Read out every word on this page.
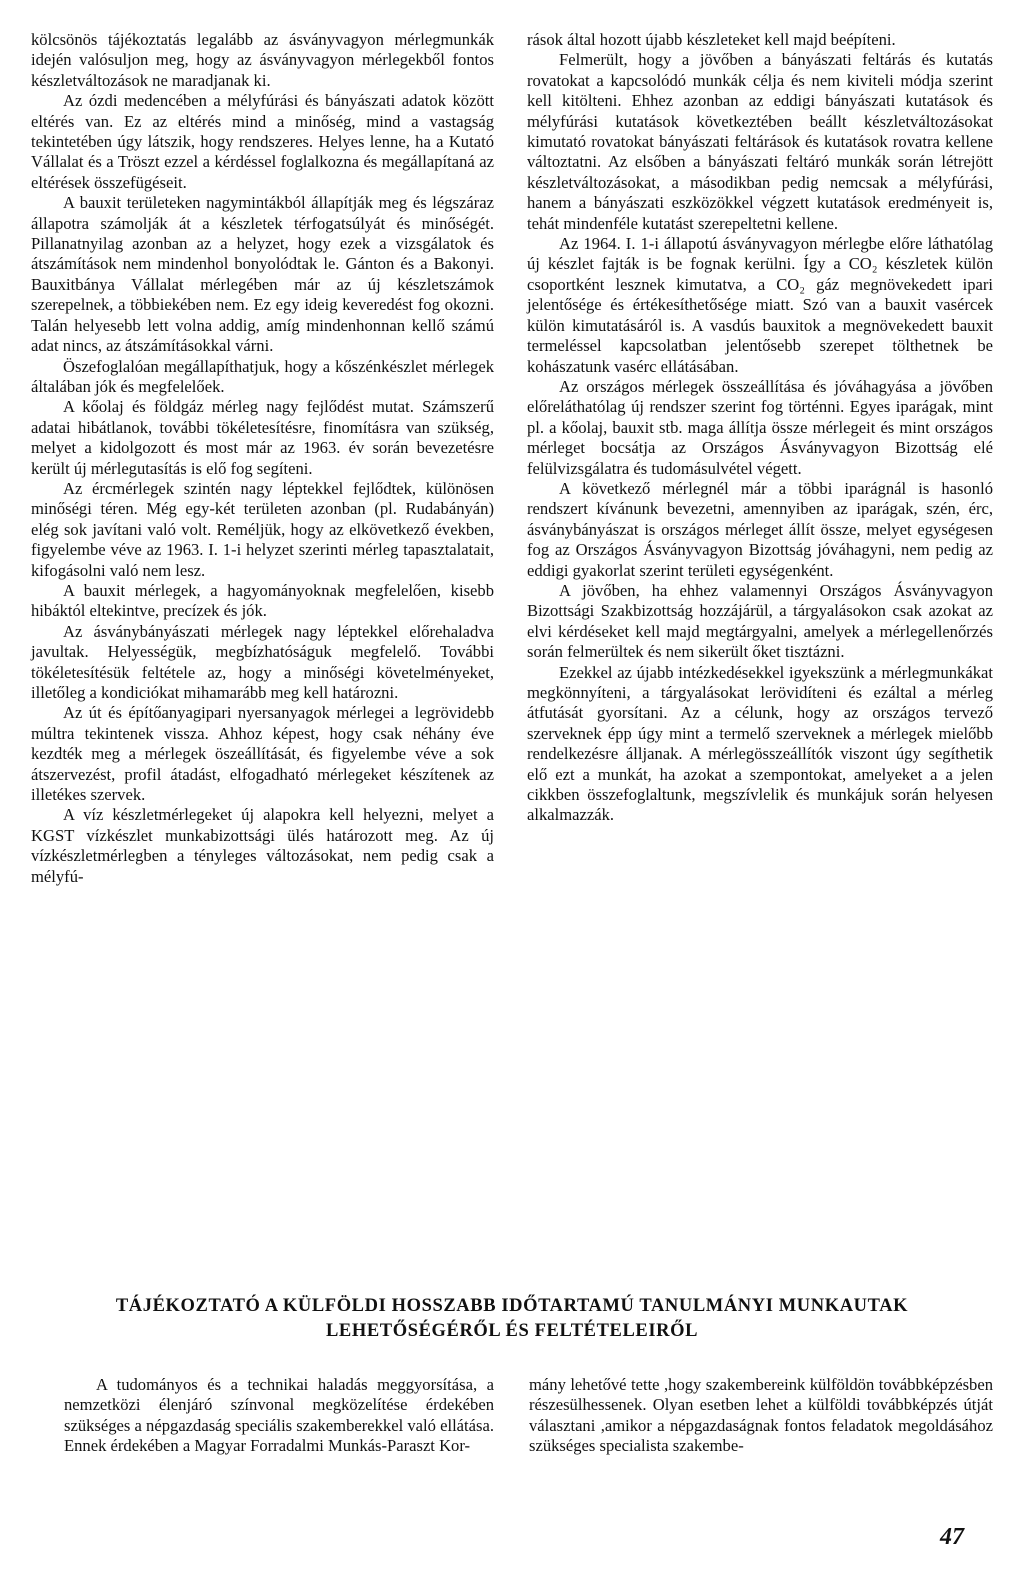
kölcsönös tájékoztatás legalább az ásványvagyon mérlegmunkák idején valósuljon meg, hogy az ásványvagyon mérlegekből fontos készletváltozások ne maradjanak ki.

Az ózdi medencében a mélyfúrási és bányászati adatok között eltérés van. Ez az eltérés mind a minőség, mind a vastagság tekintetében úgy látszik, hogy rendszeres. Helyes lenne, ha a Kutató Vállalat és a Tröszt ezzel a kérdéssel foglalkozna és megállapítaná az eltérések összefügéseit.

A bauxit területeken nagymintákból állapítják meg és légszáraz állapotra számolják át a készletek térfogatsúlyát és minőségét. Pillanatnyilag azonban az a helyzet, hogy ezek a vizsgálatok és átszámítások nem mindenhol bonyolódtak le. Gánton és a Bakonyi. Bauxitbánya Vállalat mérlegében már az új készletszámok szerepelnek, a többiekében nem. Ez egy ideig keveredést fog okozni. Talán helyesebb lett volna addig, amíg mindenhonnan kellő számú adat nincs, az átszámításokkal várni.

Öszefoglalóan megállapíthatjuk, hogy a kőszénkészlet mérlegek általában jók és megfelelőek.

A kőolaj és földgáz mérleg nagy fejlődést mutat. Számszerű adatai hibátlanok, további tökéletesítésre, finomításra van szükség, melyet a kidolgozott és most már az 1963. év során bevezetésre került új mérlegutasítás is elő fog segíteni.

Az ércmérlegek szintén nagy léptekkel fejlődtek, különösen minőségi téren. Még egy-két területen azonban (pl. Rudabányán) elég sok javítani való volt. Reméljük, hogy az elkövetkező években, figyelembe véve az 1963. I. 1-i helyzet szerinti mérleg tapasztalatait, kifogásolni való nem lesz.

A bauxit mérlegek, a hagyományoknak megfelelően, kisebb hibáktól eltekintve, precízek és jók.

Az ásványbányászati mérlegek nagy léptekkel előrehaladva javultak. Helyességük, megbízhatóságuk megfelelő. További tökéletesítésük feltétele az, hogy a minőségi követelményeket, illetőleg a kondiciókat mihamarább meg kell határozni.

Az út és építőanyagipari nyersanyagok mérlegei a legrövidebb múltra tekintenek vissza. Ahhoz képest, hogy csak néhány éve kezdték meg a mérlegek öszeállítását, és figyelembe véve a sok átszervezést, profil átadást, elfogadható mérlegeket készítenek az illetékes szervek.

A víz készletmérlegeket új alapokra kell helyezni, melyet a KGST vízkészlet munkabizottsági ülés határozott meg. Az új vízkészletmérlegben a tényleges változásokat, nem pedig csak a mélyfú-

rások által hozott újabb készleteket kell majd beépíteni.

Felmerült, hogy a jövőben a bányászati feltárás és kutatás rovatokat a kapcsolódó munkák célja és nem kiviteli módja szerint kell kitölteni. Ehhez azonban az eddigi bányászati kutatások és mélyfúrási kutatások következtében beállt készletváltozásokat kimutató rovatokat bányászati feltárások és kutatások rovatra kellene változtatni. Az elsőben a bányászati feltáró munkák során létrejött készletváltozásokat, a másodikban pedig nemcsak a mélyfúrási, hanem a bányászati eszközökkel végzett kutatások eredményeit is, tehát mindenféle kutatást szerepeltetni kellene.

Az 1964. I. 1-i állapotú ásványvagyon mérlegbe előre láthatólag új készlet fajták is be fognak kerülni. Így a CO₂ készletek külön csoportként lesznek kimutatva, a CO₂ gáz megnövekedett ipari jelentősége és értékesíthetősége miatt. Szó van a bauxit vasércek külön kimutatásáról is. A vasdús bauxitok a megnövekedett bauxit termeléssel kapcsolatban jelentősebb szerepet tölthetnek be kohászatunk vasérc ellátásában.

Az országos mérlegek összeállítása és jóváhagyása a jövőben előreláthatólag új rendszer szerint fog történni. Egyes iparágak, mint pl. a kőolaj, bauxit stb. maga állítja össze mérlegeit és mint országos mérleget bocsátja az Országos Ásványvagyon Bizottság elé felülvizsgálatra és tudomásulvétel végett.

A következő mérlegnél már a többi iparágnál is hasonló rendszert kívánunk bevezetni, amennyiben az iparágak, szén, érc, ásványbányászat is országos mérleget állít össze, melyet egységesen fog az Országos Ásványvagyon Bizottság jóváhagyni, nem pedig az eddigi gyakorlat szerint területi egységenként.

A jövőben, ha ehhez valamennyi Országos Ásványvagyon Bizottsági Szakbizottság hozzájárül, a tárgyalásokon csak azokat az elvi kérdéseket kell majd megtárgyalni, amelyek a mérlegellenőrzés során felmerültek és nem sikerült őket tisztázni.

Ezekkel az újabb intézkedésekkel igyekszünk a mérlegmunkákat megkönnyíteni, a tárgyalásokat lerövidíteni és ezáltal a mérleg átfutását gyorsítani. Az a célunk, hogy az országos tervező szerveknek épp úgy mint a termelő szerveknek a mérlegek mielőbb rendelkezésre álljanak. A mérlegösszeállítók viszont úgy segíthetik elő ezt a munkát, ha azokat a szempontokat, amelyeket a a jelen cikkben összefoglaltunk, megszívlelik és munkájuk során helyesen alkalmazzák.

TÁJÉKOZTATÓ A KÜLFÖLDI HOSSZABB IDŐTARTAMÚ TANULMÁNYI MUNKAUTAK
LEHETŐSÉGÉRŐL ÉS FELTÉTELEIRŐL

A tudományos és a technikai haladás meggyorsítása, a nemzetközi élenjáró színvonal megközelítése érdekében szükséges a népgazdaság speciális szakemberekkel való ellátása. Ennek érdekében a Magyar Forradalmi Munkás-Paraszt Kor-

mány lehetővé tette ,hogy szakembereink külföldön továbbképzésben részesülhessenek. Olyan esetben lehet a külföldi továbbképzés útját választani ,amikor a népgazdaságnak fontos feladatok megoldásához szükséges specialista szakembe-

47
